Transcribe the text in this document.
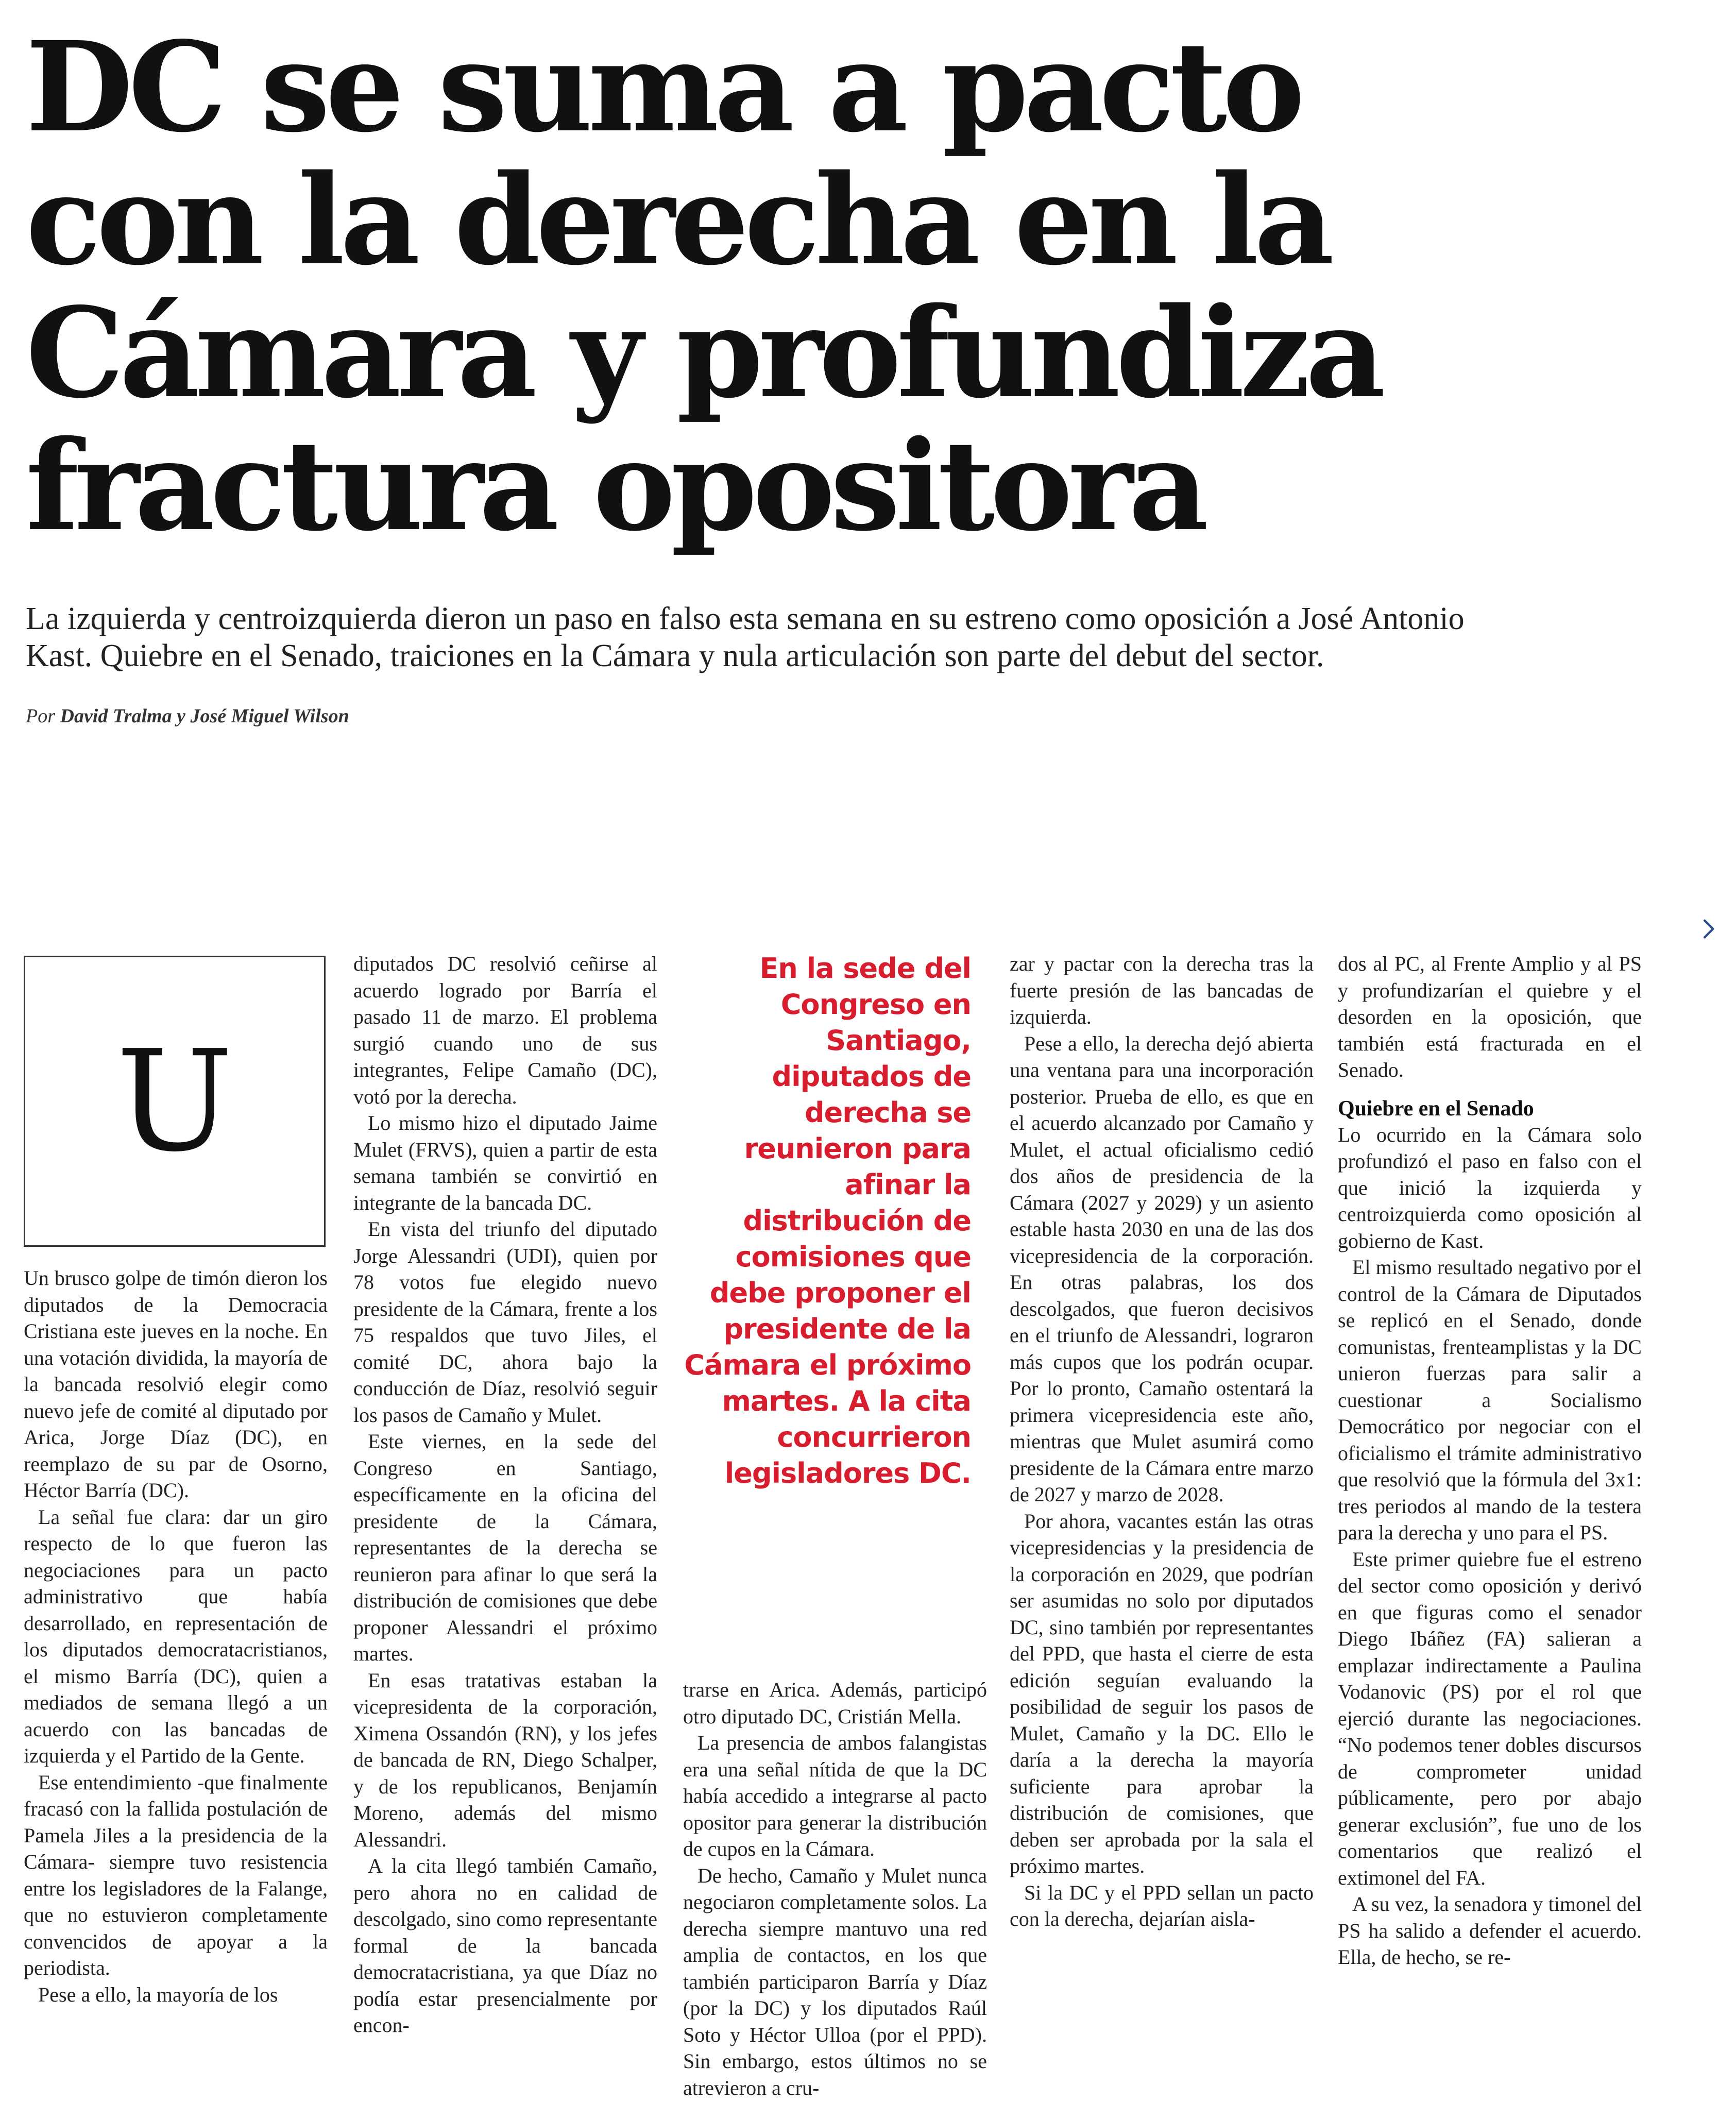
DC se suma a pacto
con la derecha en la
Cámara y profundiza
fractura opositora

La izquierda y centroizquierda dieron un paso en falso esta semana en su estreno como oposición a José Antonio
Kast. Quiebre en el Senado, traiciones en la Cámara y nula articulación son parte del debut del sector.

Por David Tralma y José Miguel Wilson
U

Un brusco golpe de timón dieron los diputados de la Democracia Cristiana este jueves en la noche. En una votación dividida, la mayoría de la bancada resolvió elegir como nuevo jefe de comité al diputado por Arica, Jorge Díaz (DC), en reemplazo de su par de Osorno, Héctor Barría (DC).

La señal fue clara: dar un giro respecto de lo que fueron las negociaciones para un pacto administrativo que había desarrollado, en representación de los diputados democratacristianos, el mismo Barría (DC), quien a mediados de semana llegó a un acuerdo con las bancadas de izquierda y el Partido de la Gente.

Ese entendimiento -que finalmente fracasó con la fallida postulación de Pamela Jiles a la presidencia de la Cámara- siempre tuvo resistencia entre los legisladores de la Falange, que no estuvieron completamente convencidos de apoyar a la periodista.

Pese a ello, la mayoría de los

diputados DC resolvió ceñirse al acuerdo logrado por Barría el pasado 11 de marzo. El problema surgió cuando uno de sus integrantes, Felipe Camaño (DC), votó por la derecha.

Lo mismo hizo el diputado Jaime Mulet (FRVS), quien a partir de esta semana también se convirtió en integrante de la bancada DC.

En vista del triunfo del diputado Jorge Alessandri (UDI), quien por 78 votos fue elegido nuevo presidente de la Cámara, frente a los 75 respaldos que tuvo Jiles, el comité DC, ahora bajo la conducción de Díaz, resolvió seguir los pasos de Camaño y Mulet.

Este viernes, en la sede del Congreso en Santiago, específicamente en la oficina del presidente de la Cámara, representantes de la derecha se reunieron para afinar lo que será la distribución de comisiones que debe proponer Alessandri el próximo martes.

En esas tratativas estaban la vicepresidenta de la corporación, Ximena Ossandón (RN), y los jefes de bancada de RN, Diego Schalper, y de los republicanos, Benjamín Moreno, además del mismo Alessandri.

A la cita llegó también Camaño, pero ahora no en calidad de descolgado, sino como representante formal de la bancada democratacristiana, ya que Díaz no podía estar presencialmente por encon-

En la sede del Congreso en Santiago, diputados de derecha se reunieron para afinar la distribución de comisiones que debe proponer el presidente de la Cámara el próximo martes. A la cita concurrieron legisladores DC.

trarse en Arica. Además, participó otro diputado DC, Cristián Mella.

La presencia de ambos falangistas era una señal nítida de que la DC había accedido a integrarse al pacto opositor para generar la distribución de cupos en la Cámara.

De hecho, Camaño y Mulet nunca negociaron completamente solos. La derecha siempre mantuvo una red amplia de contactos, en los que también participaron Barría y Díaz (por la DC) y los diputados Raúl Soto y Héctor Ulloa (por el PPD). Sin embargo, estos últimos no se atrevieron a cru-

zar y pactar con la derecha tras la fuerte presión de las bancadas de izquierda.

Pese a ello, la derecha dejó abierta una ventana para una incorporación posterior. Prueba de ello, es que en el acuerdo alcanzado por Camaño y Mulet, el actual oficialismo cedió dos años de presidencia de la Cámara (2027 y 2029) y un asiento estable hasta 2030 en una de las dos vicepresidencia de la corporación. En otras palabras, los dos descolgados, que fueron decisivos en el triunfo de Alessandri, lograron más cupos que los podrán ocupar. Por lo pronto, Camaño ostentará la primera vicepresidencia este año, mientras que Mulet asumirá como presidente de la Cámara entre marzo de 2027 y marzo de 2028.

Por ahora, vacantes están las otras vicepresidencias y la presidencia de la corporación en 2029, que podrían ser asumidas no solo por diputados DC, sino también por representantes del PPD, que hasta el cierre de esta edición seguían evaluando la posibilidad de seguir los pasos de Mulet, Camaño y la DC. Ello le daría a la derecha la mayoría suficiente para aprobar la distribución de comisiones, que deben ser aprobada por la sala el próximo martes.

Si la DC y el PPD sellan un pacto con la derecha, dejarían aisla-

dos al PC, al Frente Amplio y al PS y profundizarían el quiebre y el desorden en la oposición, que también está fracturada en el Senado.

Quiebre en el Senado

Lo ocurrido en la Cámara solo profundizó el paso en falso con el que inició la izquierda y centroizquierda como oposición al gobierno de Kast.

El mismo resultado negativo por el control de la Cámara de Diputados se replicó en el Senado, donde comunistas, frenteamplistas y la DC unieron fuerzas para salir a cuestionar a Socialismo Democrático por negociar con el oficialismo el trámite administrativo que resolvió que la fórmula del 3x1: tres periodos al mando de la testera para la derecha y uno para el PS.

Este primer quiebre fue el estreno del sector como oposición y derivó en que figuras como el senador Diego Ibáñez (FA) salieran a emplazar indirectamente a Paulina Vodanovic (PS) por el rol que ejerció durante las negociaciones. “No podemos tener dobles discursos de comprometer unidad públicamente, pero por abajo generar exclusión”, fue uno de los comentarios que realizó el extimonel del FA.

A su vez, la senadora y timonel del PS ha salido a defender el acuerdo. Ella, de hecho, se re-
